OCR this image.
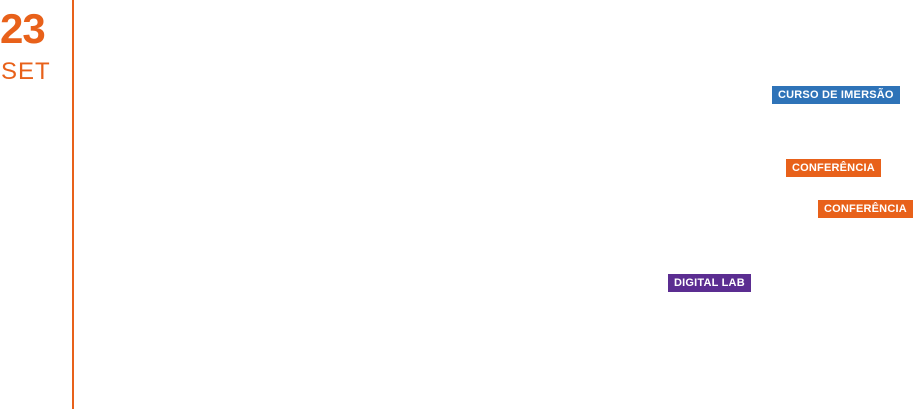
23
SET
CURSO DE IMERSÃO
CONFERÊNCIA
CONFERÊNCIA
DIGITAL LAB
